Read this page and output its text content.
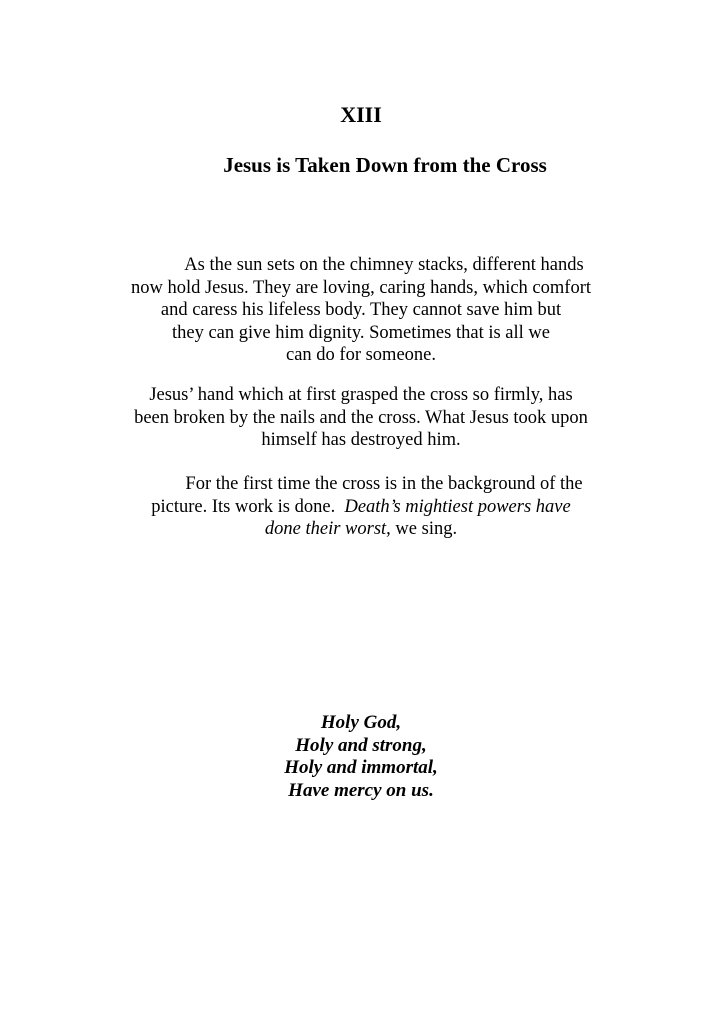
XIII
Jesus is Taken Down from the Cross
As the sun sets on the chimney stacks, different hands
now hold Jesus. They are loving, caring hands, which comfort
and caress his lifeless body. They cannot save him but
they can give him dignity. Sometimes that is all we
can do for someone.
Jesus’ hand which at first grasped the cross so firmly, has
been broken by the nails and the cross. What Jesus took upon
himself has destroyed him.
For the first time the cross is in the background of the
picture. Its work is done.  Death’s mightiest powers have
done their worst, we sing.
Holy God,
Holy and strong,
Holy and immortal,
Have mercy on us.
